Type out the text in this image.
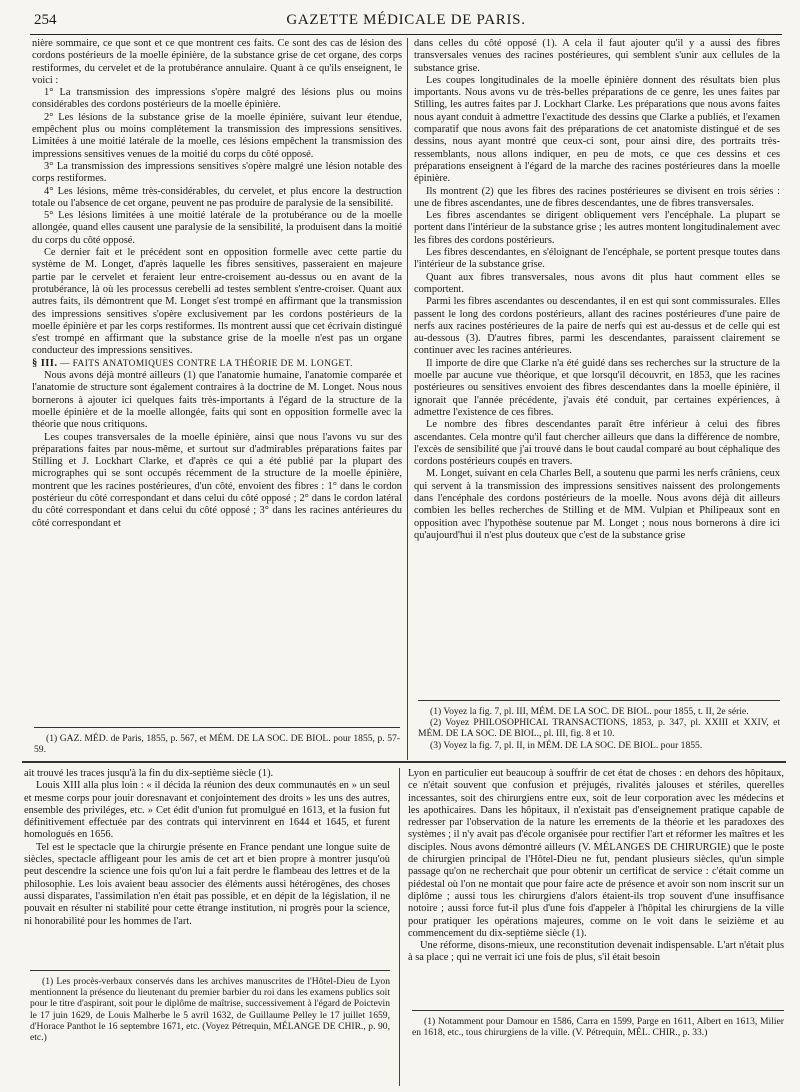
254	GAZETTE MÉDICALE DE PARIS.

nière sommaire, ce que sont et ce que montrent ces faits. Ce sont des cas de lésion des cordons postérieurs de la moelle épinière, de la substance grise de cet organe, des corps restiformes, du cervelet et de la protubérance annulaire. Quant à ce qu'ils enseignent, le voici :

1° La transmission des impressions s'opère malgré des lésions plus ou moins considérables des cordons postérieurs de la moelle épinière.

2° Les lésions de la substance grise de la moelle épinière, suivant leur étendue, empêchent plus ou moins complétement la transmission des impressions sensitives. Limitées à une moitié latérale de la moelle, ces lésions empêchent la transmission des impressions sensitives venues de la moitié du corps du côté opposé.

3° La transmission des impressions sensitives s'opère malgré une lésion notable des corps restiformes.

4° Les lésions, même très-considérables, du cervelet, et plus encore la destruction totale ou l'absence de cet organe, peuvent ne pas produire de paralysie de la sensibilité.

5° Les lésions limitées à une moitié latérale de la protubérance ou de la moelle allongée, quand elles causent une paralysie de la sensibilité, la produisent dans la moitié du corps du côté opposé.

Ce dernier fait et le précédent sont en opposition formelle avec cette partie du système de M. Longet, d'après laquelle les fibres sensitives, passeraient en majeure partie par le cervelet et feraient leur entre-croisement au-dessus ou en avant de la protubérance, là où les processus cerebelli ad testes semblent s'entre-croiser. Quant aux autres faits, ils démontrent que M. Longet s'est trompé en affirmant que la transmission des impressions sensitives s'opère exclusivement par les cordons postérieurs de la moelle épinière et par les corps restiformes. Ils montrent aussi que cet écrivain distingué s'est trompé en affirmant que la substance grise de la moelle n'est pas un organe conducteur des impressions sensitives.

§ III. — FAITS ANATOMIQUES CONTRE LA THÉORIE DE M. LONGET.

Nous avons déjà montré ailleurs (1) que l'anatomie humaine, l'anatomie comparée et l'anatomie de structure sont également contraires à la doctrine de M. Longet. Nous nous bornerons à ajouter ici quelques faits très-importants à l'égard de la structure de la moelle épinière et de la moelle allongée, faits qui sont en opposition formelle avec la théorie que nous critiquons.

Les coupes transversales de la moelle épinière, ainsi que nous l'avons vu sur des préparations faites par nous-même, et surtout sur d'admirables préparations faites par Stilling et J. Lockhart Clarke, et d'après ce qui a été publié par la plupart des micrographes qui se sont occupés récemment de la structure de la moelle épinière, montrent que les racines postérieures, d'un côté, envoient des fibres : 1° dans le cordon postérieur du côté correspondant et dans celui du côté opposé ; 2° dans le cordon latéral du côté correspondant et dans celui du côté opposé ; 3° dans les racines antérieures du côté correspondant et

dans celles du côté opposé (1). A cela il faut ajouter qu'il y a aussi des fibres transversales venues des racines postérieures, qui semblent s'unir aux cellules de la substance grise.

Les coupes longitudinales de la moelle épinière donnent des résultats bien plus importants. Nous avons vu de très-belles préparations de ce genre, les unes faites par Stilling, les autres faites par J. Lockhart Clarke. Les préparations que nous avons faites nous ayant conduit à admettre l'exactitude des dessins que Clarke a publiés, et l'examen comparatif que nous avons fait des préparations de cet anatomiste distingué et de ses dessins, nous ayant montré que ceux-ci sont, pour ainsi dire, des portraits très-ressemblants, nous allons indiquer, en peu de mots, ce que ces dessins et ces préparations enseignent à l'égard de la marche des racines postérieures dans la moelle épinière.

Ils montrent (2) que les fibres des racines postérieures se divisent en trois séries : une de fibres ascendantes, une de fibres descendantes, une de fibres transversales.

Les fibres ascendantes se dirigent obliquement vers l'encéphale. La plupart se portent dans l'intérieur de la substance grise ; les autres montent longitudinalement avec les fibres des cordons postérieurs.

Les fibres descendantes, en s'éloignant de l'encéphale, se portent presque toutes dans l'intérieur de la substance grise.

Quant aux fibres transversales, nous avons dit plus haut comment elles se comportent.

Parmi les fibres ascendantes ou descendantes, il en est qui sont commissurales. Elles passent le long des cordons postérieurs, allant des racines postérieures d'une paire de nerfs aux racines postérieures de la paire de nerfs qui est au-dessus et de celle qui est au-dessous (3). D'autres fibres, parmi les descendantes, paraissent clairement se continuer avec les racines antérieures.

Il importe de dire que Clarke n'a été guidé dans ses recherches sur la structure de la moelle par aucune vue théorique, et que lorsqu'il découvrit, en 1853, que les racines postérieures ou sensitives envoient des fibres descendantes dans la moelle épinière, il ignorait que l'année précédente, j'avais été conduit, par certaines expériences, à admettre l'existence de ces fibres.

Le nombre des fibres descendantes paraît être inférieur à celui des fibres ascendantes. Cela montre qu'il faut chercher ailleurs que dans la différence de nombre, l'excès de sensibilité que j'ai trouvé dans le bout caudal comparé au bout céphalique des cordons postérieurs coupés en travers.

M. Longet, suivant en cela Charles Bell, a soutenu que parmi les nerfs crâniens, ceux qui servent à la transmission des impressions sensitives naissent des prolongements dans l'encéphale des cordons postérieurs de la moelle. Nous avons déjà dit ailleurs combien les belles recherches de Stilling et de MM. Vulpian et Philipeaux sont en opposition avec l'hypothèse soutenue par M. Longet ; nous nous bornerons à dire ici qu'aujourd'hui il n'est plus douteux que c'est de la substance grise

(1) GAZ. MÉD. de Paris, 1855, p. 567, et MÉM. DE LA SOC. DE BIOL. pour 1855, p. 57-59.

(1) Voyez la fig. 7, pl. III, MÉM. DE LA SOC. DE BIOL. pour 1855, t. II, 2e série.

(2) Voyez PHILOSOPHICAL TRANSACTIONS, 1853, p. 347, pl. XXIII et XXIV, et MÉM. DE LA SOC. DE BIOL., pl. III, fig. 8 et 10.

(3) Voyez la fig. 7, pl. II, in MÉM. DE LA SOC. DE BIOL. pour 1855.

ait trouvé les traces jusqu'à la fin du dix-septième siècle (1).

Louis XIII alla plus loin : « il décida la réunion des deux communautés en » un seul et mesme corps pour jouir doresnavant et conjointement des droits » les uns des autres, ensemble des priviléges, etc. » Cet édit d'union fut promulgué en 1613, et la fusion fut définitivement effectuée par des contrats qui intervinrent en 1644 et 1645, et furent homologués en 1656.

Tel est le spectacle que la chirurgie présente en France pendant une longue suite de siècles, spectacle affligeant pour les amis de cet art et bien propre à montrer jusqu'où peut descendre la science une fois qu'on lui a fait perdre le flambeau des lettres et de la philosophie. Les lois avaient beau associer des éléments aussi hétérogènes, des choses aussi disparates, l'assimilation n'en était pas possible, et en dépit de la législation, il ne pouvait en résulter ni stabilité pour cette étrange institution, ni progrès pour la science, ni honorabilité pour les hommes de l'art.

(1) Les procès-verbaux conservés dans les archives manuscrites de l'Hôtel-Dieu de Lyon mentionnent la présence du lieutenant du premier barbier du roi dans les examens publics soit pour le titre d'aspirant, soit pour le diplôme de maîtrise, successivement à l'égard de Poictevin le 17 juin 1629, de Louis Malherbe le 5 avril 1632, de Guillaume Pelley le 17 juillet 1659, d'Horace Panthot le 16 septembre 1671, etc. (Voyez Pétrequin, MÉLANGE DE CHIR., p. 90, etc.)

Lyon en particulier eut beaucoup à souffrir de cet état de choses : en dehors des hôpitaux, ce n'était souvent que confusion et préjugés, rivalités jalouses et stériles, querelles incessantes, soit des chirurgiens entre eux, soit de leur corporation avec les médecins et les apothicaires. Dans les hôpitaux, il n'existait pas d'enseignement pratique capable de redresser par l'observation de la nature les errements de la théorie et les paradoxes des systèmes ; il n'y avait pas d'école organisée pour rectifier l'art et réformer les maîtres et les disciples. Nous avons démontré ailleurs (V. MÉLANGES DE CHIRURGIE) que le poste de chirurgien principal de l'Hôtel-Dieu ne fut, pendant plusieurs siècles, qu'un simple passage qu'on ne recherchait que pour obtenir un certificat de service : c'était comme un piédestal où l'on ne montait que pour faire acte de présence et avoir son nom inscrit sur un diplôme ; aussi tous les chirurgiens d'alors étaient-ils trop souvent d'une insuffisance notoire ; aussi force fut-il plus d'une fois d'appeler à l'hôpital les chirurgiens de la ville pour pratiquer les opérations majeures, comme on le voit dans le seizième et au commencement du dix-septième siècle (1).

Une réforme, disons-mieux, une reconstitution devenait indispensable. L'art n'était plus à sa place ; qui ne verrait ici une fois de plus, s'il était besoin

(1) Notamment pour Damour en 1586, Carra en 1599, Parge en 1611, Albert en 1613, Milier en 1618, etc., tous chirurgiens de la ville. (V. Pétrequin, MÉL. CHIR., p. 33.)
